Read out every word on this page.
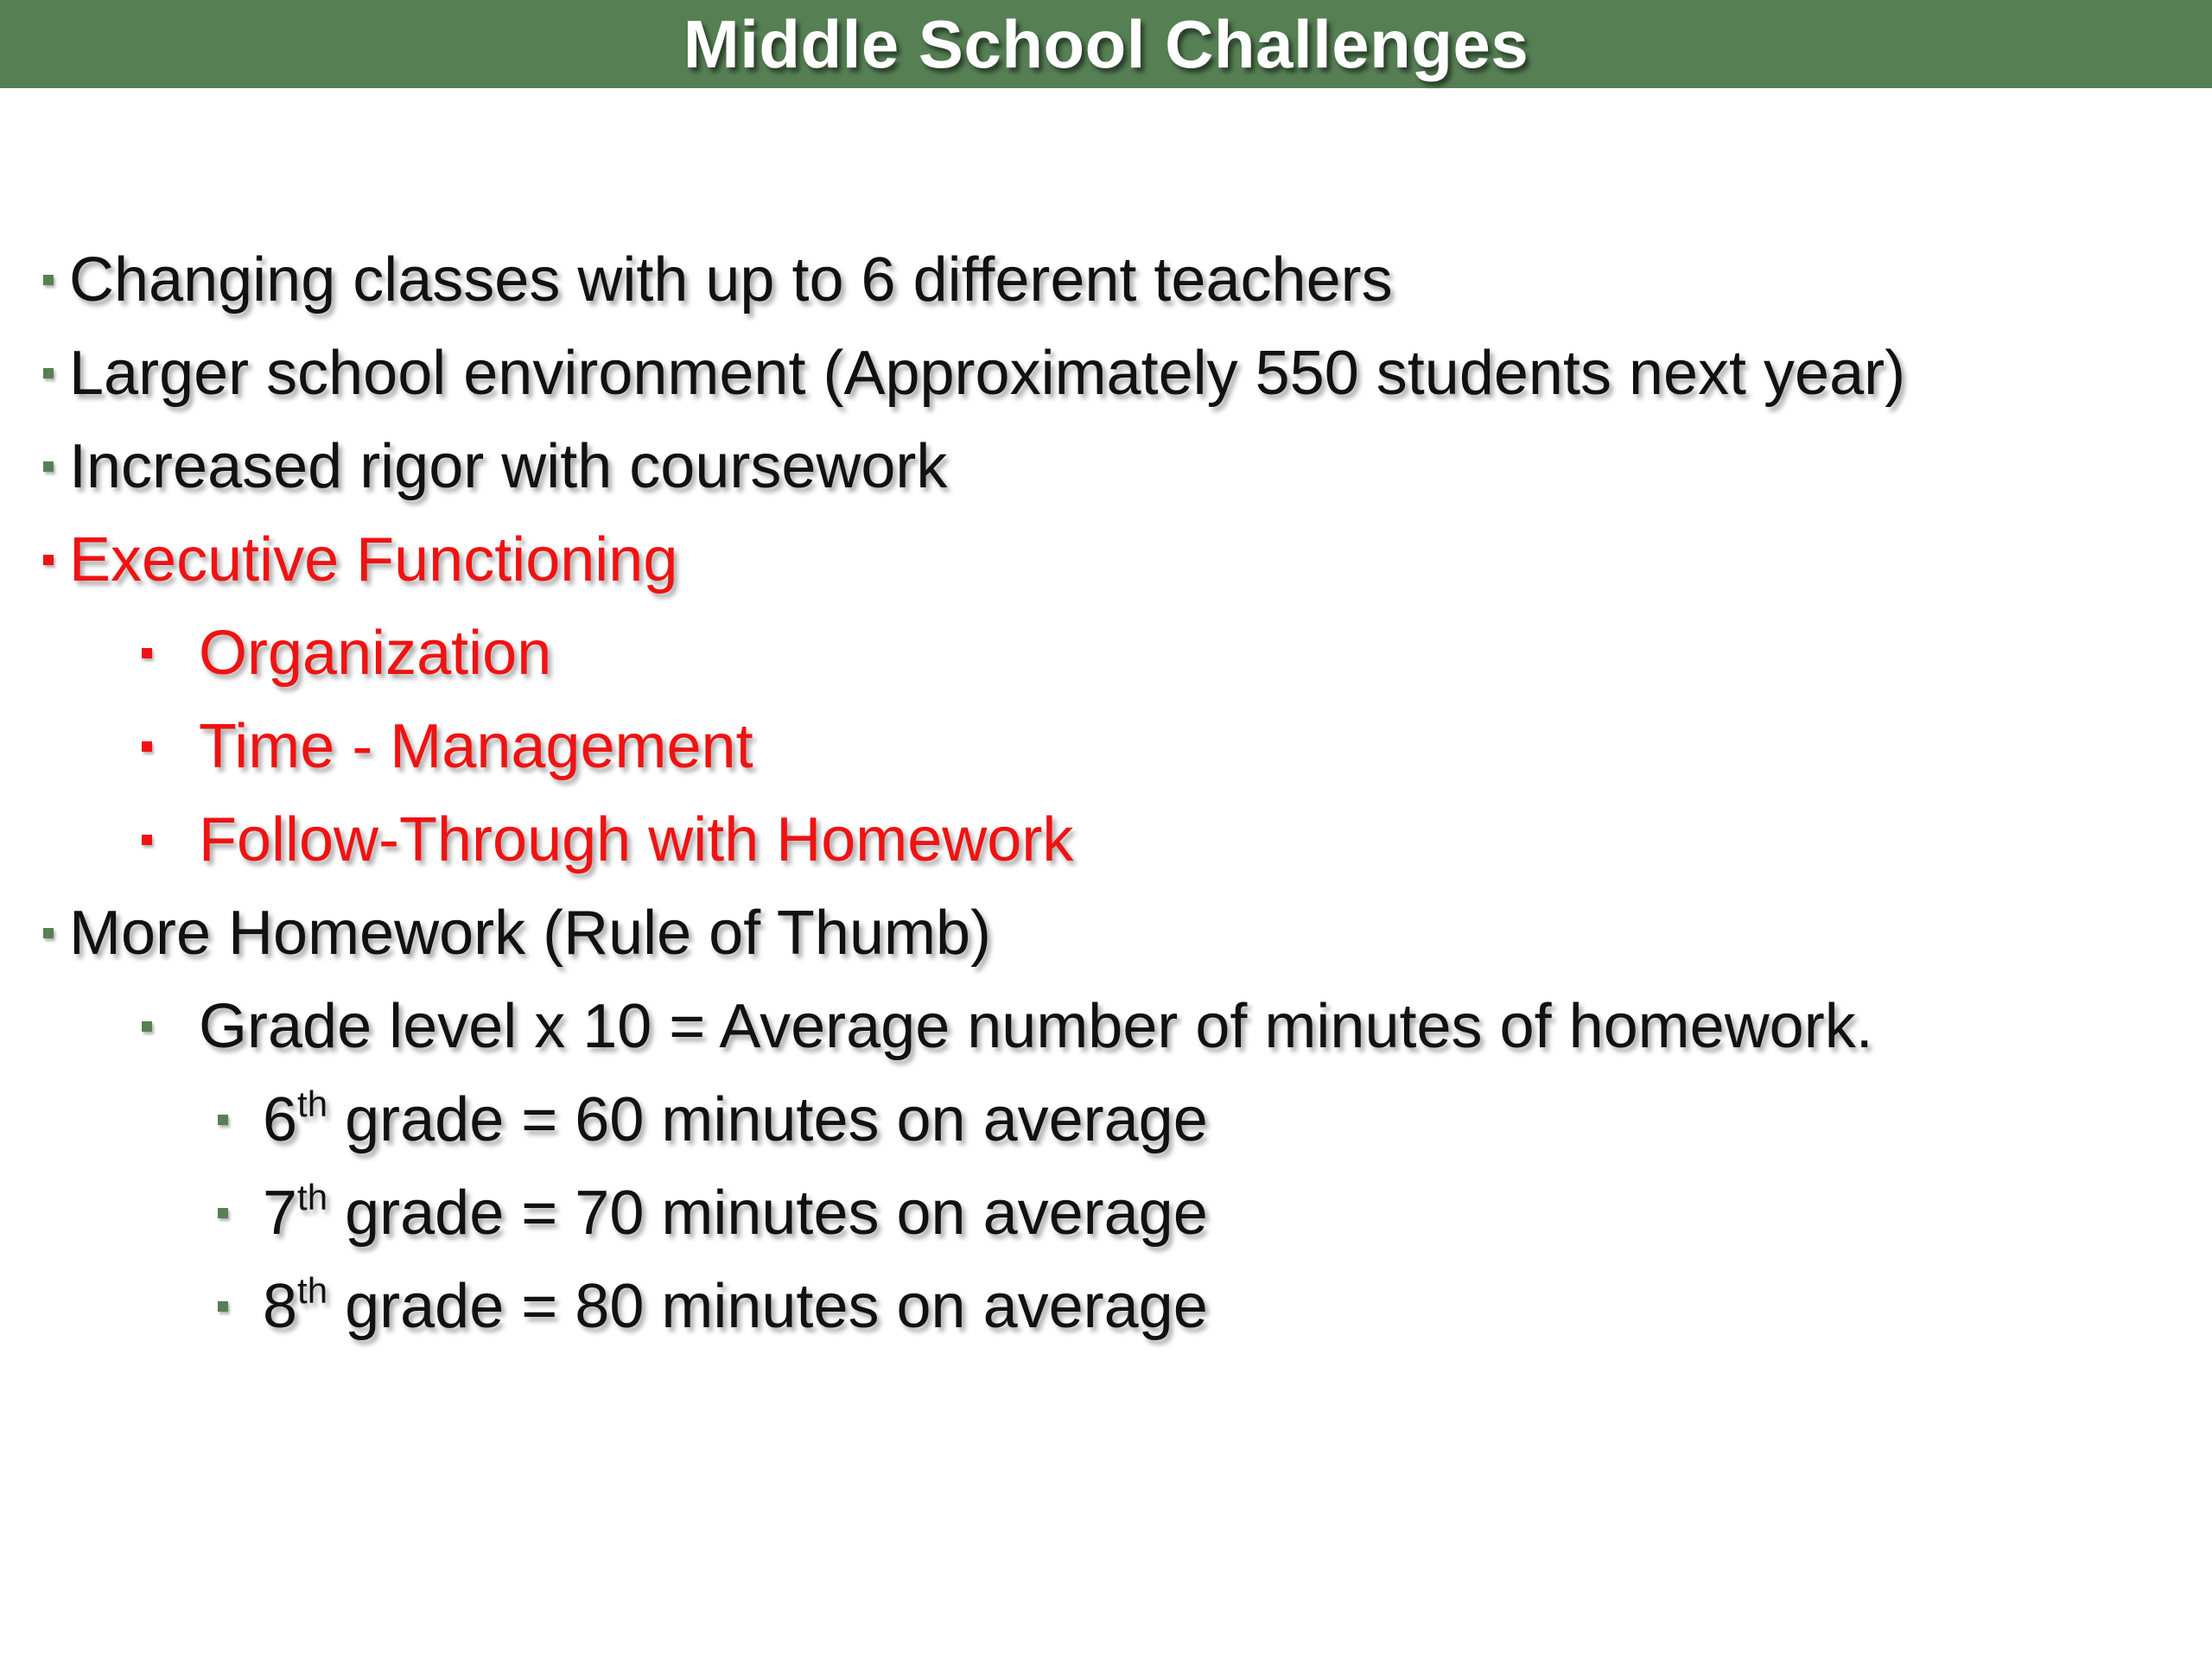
Middle School Challenges
Changing classes with up to 6 different teachers
Larger school environment (Approximately 550 students next year)
Increased rigor with coursework
Executive Functioning
Organization
Time - Management
Follow-Through with Homework
More Homework (Rule of Thumb)
Grade level x 10 = Average number of minutes of homework.
6th grade = 60 minutes on average
7th grade = 70 minutes on average
8th grade = 80 minutes on average
